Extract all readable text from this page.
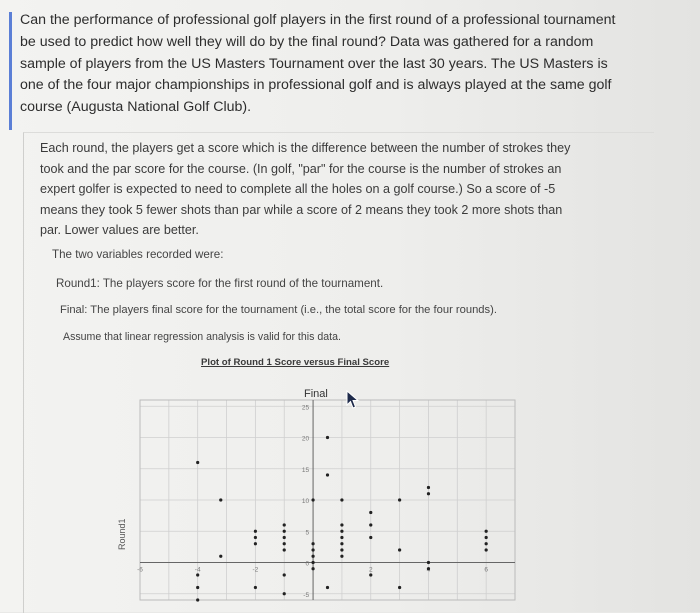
Can the performance of professional golf players in the first round of a professional tournament
be used to predict how well they will do by the final round? Data was gathered for a random
sample of players from the US Masters Tournament over the last 30 years. The US Masters is
one of the four major championships in professional golf and is always played at the same golf
course (Augusta National Golf Club).
Each round, the players get a score which is the difference between the number of strokes they
took and the par score for the course. (In golf, "par" for the course is the number of strokes an
expert golfer is expected to need to complete all the holes on a golf course.) So a score of -5
means they took 5 fewer shots than par while a score of 2 means they took 2 more shots than
par. Lower values are better.
The two variables recorded were:
Round1: The players score for the first round of the tournament.
Final: The players final score for the tournament (i.e., the total score for the four rounds).
Assume that linear regression analysis is valid for this data.
Plot of Round 1 Score versus Final Score
25
20
15
10
5
0
-5
-6	-4	-2	2	6
Final
Round1
